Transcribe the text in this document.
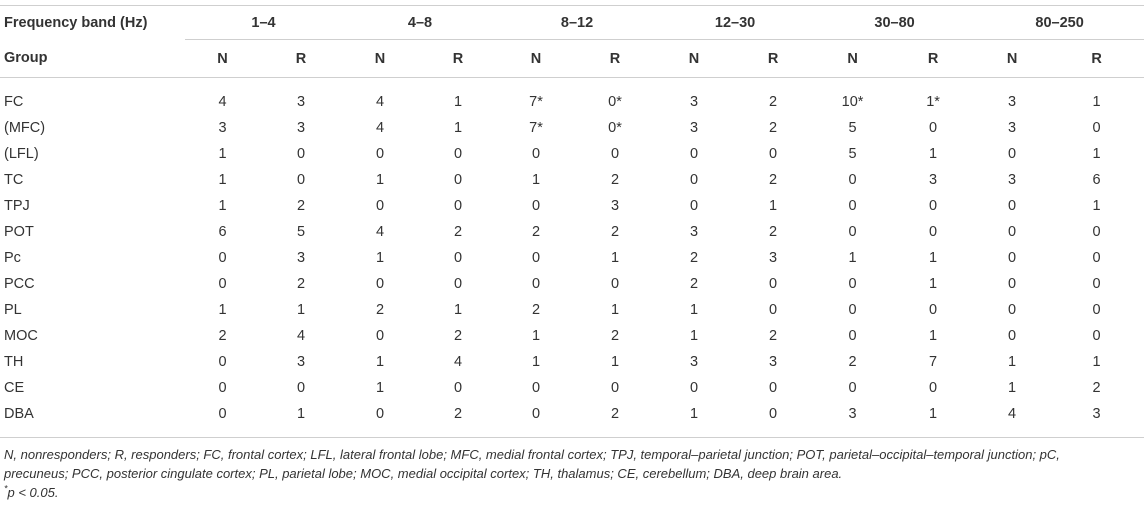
Frequency band (Hz)	1–4		4–8		8–12		12–30		30–80		80–250	
Group	N	R	N	R	N	R	N	R	N	R	N	R
FC	4	3	4	1	7*	0*	3	2	10*	1*	3	1
(MFC)	3	3	4	1	7*	0*	3	2	5	0	3	0
(LFL)	1	0	0	0	0	0	0	0	5	1	0	1
TC	1	0	1	0	1	2	0	2	0	3	3	6
TPJ	1	2	0	0	0	3	0	1	0	0	0	1
POT	6	5	4	2	2	2	3	2	0	0	0	0
Pc	0	3	1	0	0	1	2	3	1	1	0	0
PCC	0	2	0	0	0	0	2	0	0	1	0	0
PL	1	1	2	1	2	1	1	0	0	0	0	0
MOC	2	4	0	2	1	2	1	2	0	1	0	0
TH	0	3	1	4	1	1	3	3	2	7	1	1
CE	0	0	1	0	0	0	0	0	0	0	1	2
DBA	0	1	0	2	0	2	1	0	3	1	4	3
N, nonresponders; R, responders; FC, frontal cortex; LFL, lateral frontal lobe; MFC, medial frontal cortex; TPJ, temporal–parietal junction; POT, parietal–occipital–temporal junction; pC,
precuneus; PCC, posterior cingulate cortex; PL, parietal lobe; MOC, medial occipital cortex; TH, thalamus; CE, cerebellum; DBA, deep brain area.
*p < 0.05.
